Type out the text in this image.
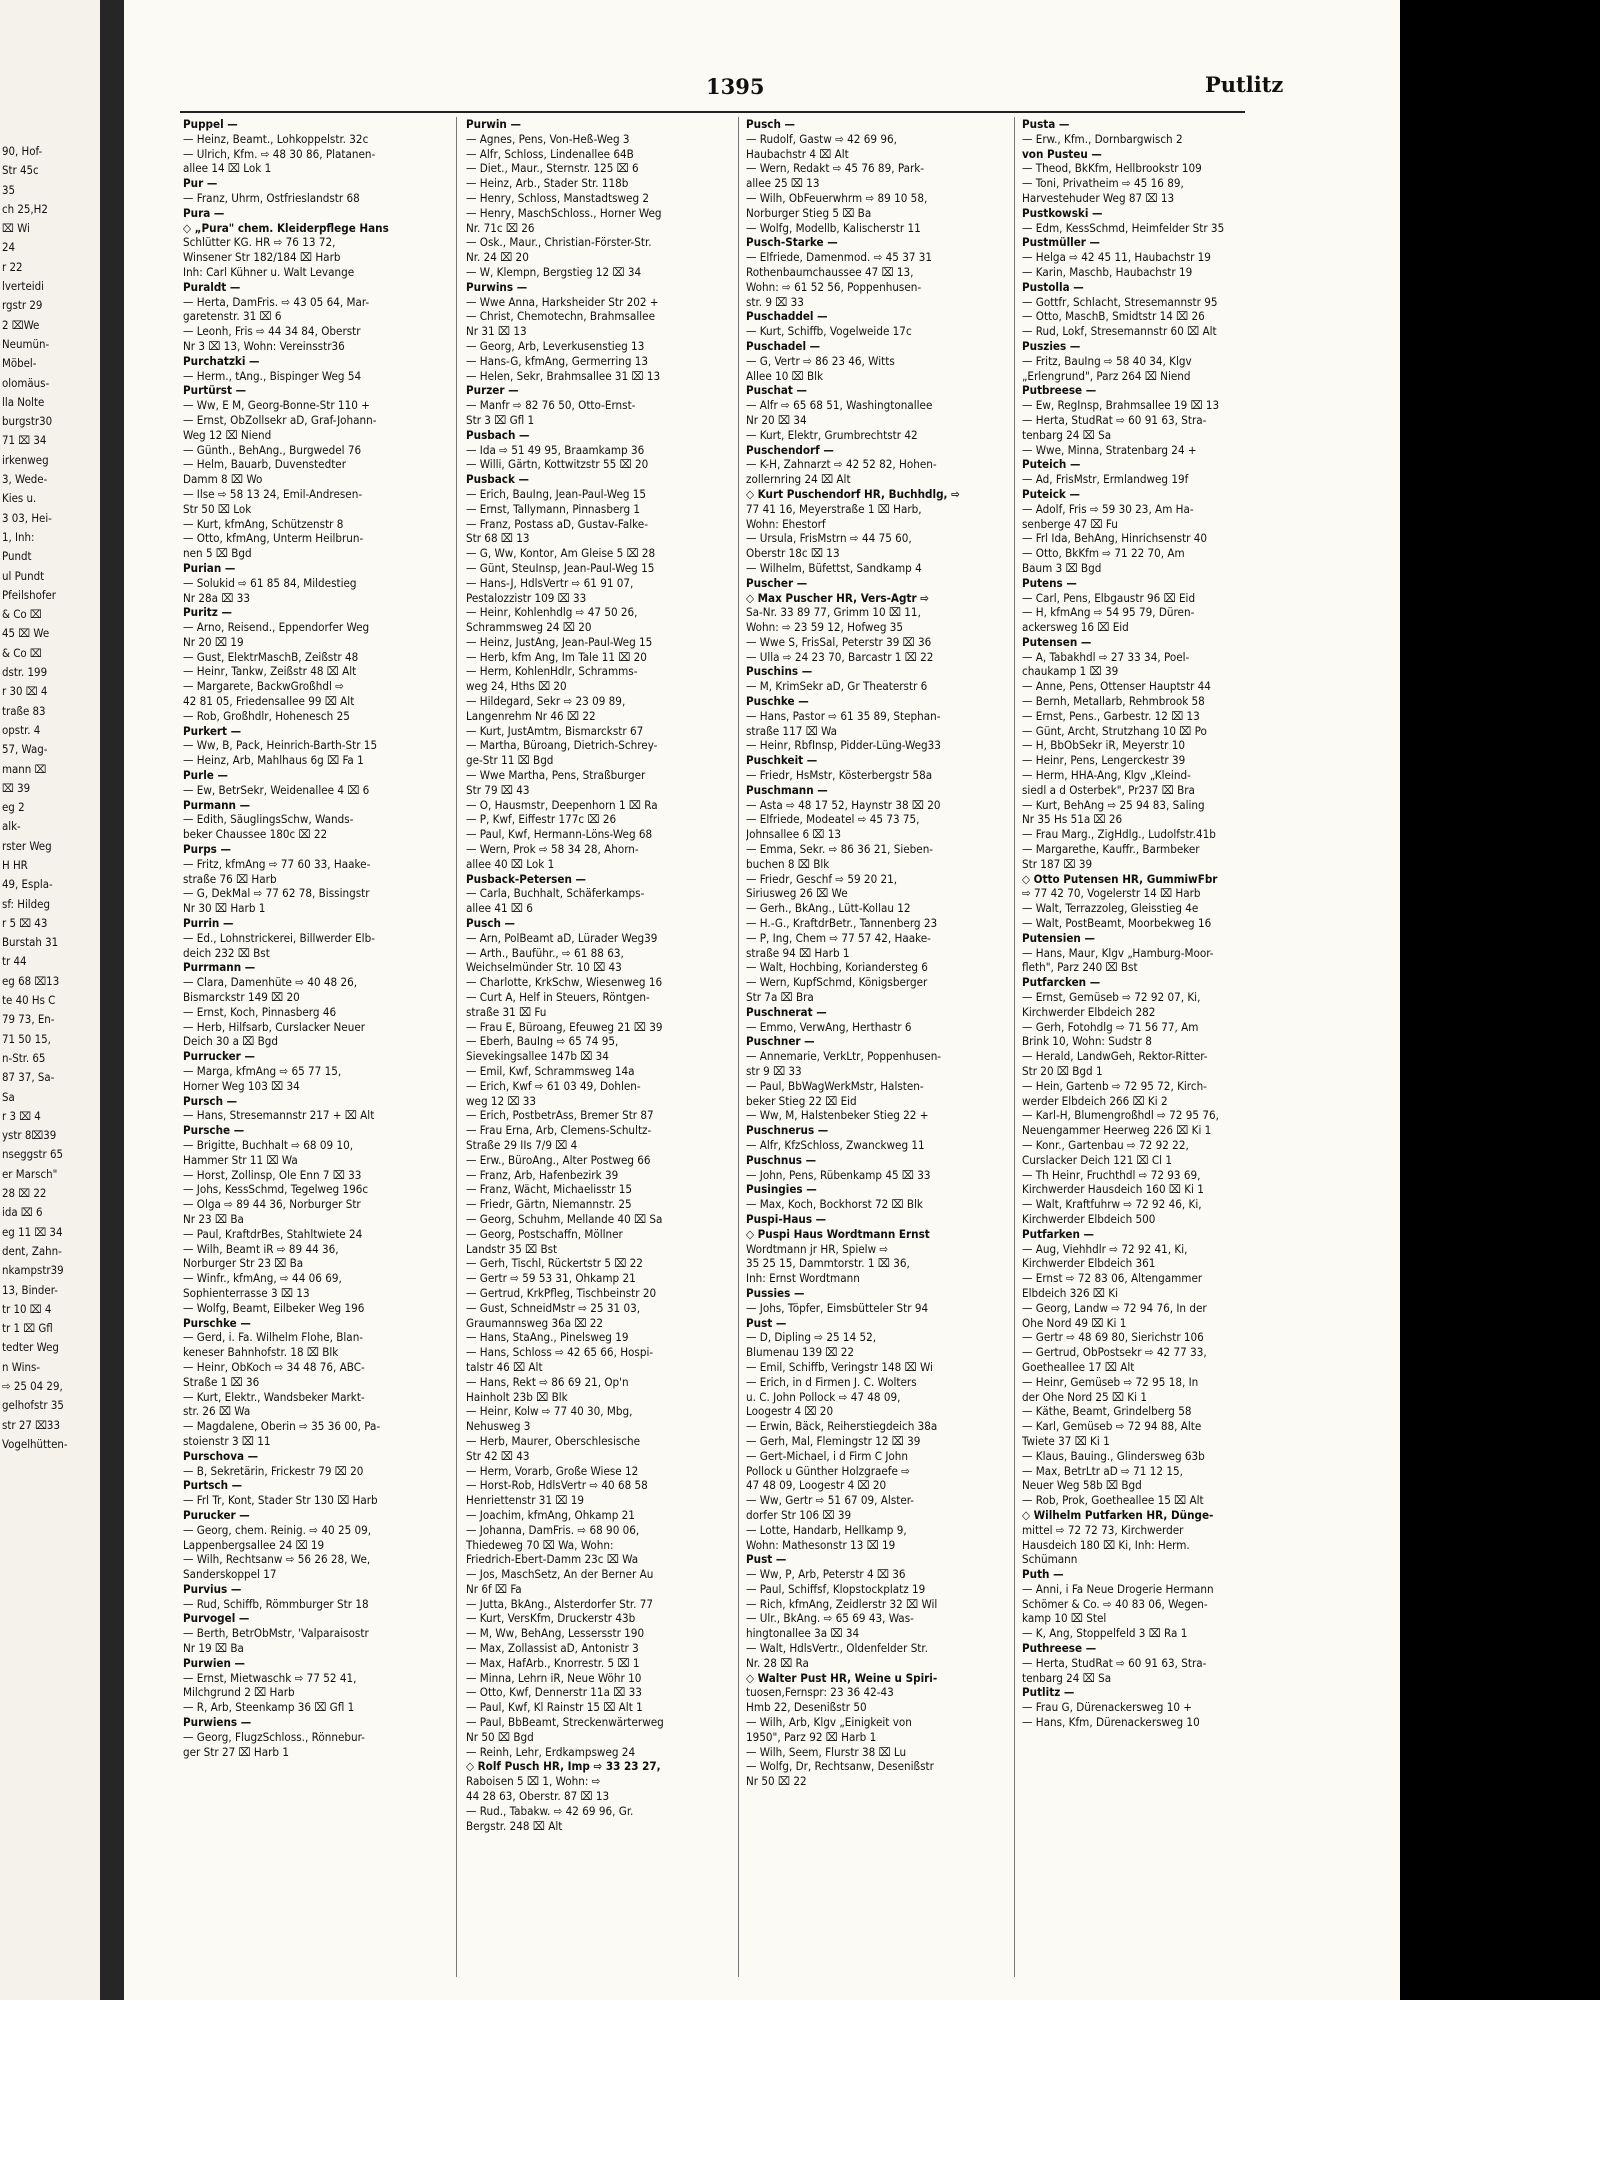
90, Hof-
Str 45c
35
ch 25,H2
⌧ Wi
24
r 22
lverteidi
rgstr 29
2 ⌧We
Neumün-
Möbel-
olomäus-
lla Nolte
burgstr30
71 ⌧ 34
irkenweg
3, Wede-
Kies u.
3 03, Hei-
1, Inh:
Pundt
ul Pundt
Pfeilshofer
& Co ⌧
45 ⌧ We
& Co ⌧
dstr. 199
r 30 ⌧ 4
traße 83
opstr. 4
57, Wag-
mann ⌧
⌧ 39
eg 2
alk-
rster Weg
H HR
49, Espla-
sf: Hildeg
r 5 ⌧ 43
Burstah 31
tr 44
eg 68 ⌧13
te 40 Hs C
79 73, En-
71 50 15,
n-Str. 65
87 37, Sa-
Sa
r 3 ⌧ 4
ystr 8⌧39
nseggstr 65
er Marsch"
28 ⌧ 22
ida ⌧ 6
eg 11 ⌧ 34
dent, Zahn-
nkampstr39
13, Binder-
tr 10 ⌧ 4
tr 1 ⌧ Gfl
tedter Weg
n Wins-
⇨ 25 04 29,
gelhofstr 35
str 27 ⌧33
Vogelhütten-
1395	Putlitz
Puppel —
— Heinz, Beamt., Lohkoppelstr. 32c
— Ulrich, Kfm. ⇨ 48 30 86, Platanen-
allee 14 ⌧ Lok 1
Pur —
— Franz, Uhrm, Ostfrieslandstr 68
Pura —
◇ „Pura" chem. Kleiderpflege Hans
Schlütter KG. HR ⇨ 76 13 72,
Winsener Str 182/184 ⌧ Harb
Inh: Carl Kühner u. Walt Levange
Puraldt —
— Herta, DamFris. ⇨ 43 05 64, Mar-
garetenstr. 31 ⌧ 6
— Leonh, Fris ⇨ 44 34 84, Oberstr
Nr 3 ⌧ 13, Wohn: Vereinsstr36
Purchatzki —
— Herm., tAng., Bispinger Weg 54
Purtürst —
— Ww, E M, Georg-Bonne-Str 110 +
— Ernst, ObZollsekr aD, Graf-Johann-
Weg 12 ⌧ Niend
— Günth., BehAng., Burgwedel 76
— Helm, Bauarb, Duvenstedter
Damm 8 ⌧ Wo
— Ilse ⇨ 58 13 24, Emil-Andresen-
Str 50 ⌧ Lok
— Kurt, kfmAng, Schützenstr 8
— Otto, kfmAng, Unterm Heilbrun-
nen 5 ⌧ Bgd
Purian —
— Solukid ⇨ 61 85 84, Mildestieg
Nr 28a ⌧ 33
Puritz —
— Arno, Reisend., Eppendorfer Weg
Nr 20 ⌧ 19
— Gust, ElektrMaschB, Zeißstr 48
— Heinr, Tankw, Zeißstr 48 ⌧ Alt
— Margarete, BackwGroßhdl ⇨
42 81 05, Friedensallee 99 ⌧ Alt
— Rob, Großhdlr, Hohenesch 25
Purkert —
— Ww, B, Pack, Heinrich-Barth-Str 15
— Heinz, Arb, Mahlhaus 6g ⌧ Fa 1
Purle —
— Ew, BetrSekr, Weidenallee 4 ⌧ 6
Purmann —
— Edith, SäuglingsSchw, Wands-
beker Chaussee 180c ⌧ 22
Purps —
— Fritz, kfmAng ⇨ 77 60 33, Haake-
straße 76 ⌧ Harb
— G, DekMal ⇨ 77 62 78, Bissingstr
Nr 30 ⌧ Harb 1
Purrin —
— Ed., Lohnstrickerei, Billwerder Elb-
deich 232 ⌧ Bst
Purrmann —
— Clara, Damenhüte ⇨ 40 48 26,
Bismarckstr 149 ⌧ 20
— Ernst, Koch, Pinnasberg 46
— Herb, Hilfsarb, Curslacker Neuer
Deich 30 a ⌧ Bgd
Purrucker —
— Marga, kfmAng ⇨ 65 77 15,
Horner Weg 103 ⌧ 34
Pursch —
— Hans, Stresemannstr 217 + ⌧ Alt
Pursche —
— Brigitte, Buchhalt ⇨ 68 09 10,
Hammer Str 11 ⌧ Wa
— Horst, Zollinsp, Ole Enn 7 ⌧ 33
— Johs, KessSchmd, Tegelweg 196c
— Olga ⇨ 89 44 36, Norburger Str
Nr 23 ⌧ Ba
— Paul, KraftdrBes, Stahltwiete 24
— Wilh, Beamt iR ⇨ 89 44 36,
Norburger Str 23 ⌧ Ba
— Winfr., kfmAng, ⇨ 44 06 69,
Sophienterrasse 3 ⌧ 13
— Wolfg, Beamt, Eilbeker Weg 196
Purschke —
— Gerd, i. Fa. Wilhelm Flohe, Blan-
keneser Bahnhofstr. 18 ⌧ Blk
— Heinr, ObKoch ⇨ 34 48 76, ABC-
Straße 1 ⌧ 36
— Kurt, Elektr., Wandsbeker Markt-
str. 26 ⌧ Wa
— Magdalene, Oberin ⇨ 35 36 00, Pa-
stoienstr 3 ⌧ 11
Purschova —
— B, Sekretärin, Frickestr 79 ⌧ 20
Purtsch —
— Frl Tr, Kont, Stader Str 130 ⌧ Harb
Purucker —
— Georg, chem. Reinig. ⇨ 40 25 09,
Lappenbergsallee 24 ⌧ 19
— Wilh, Rechtsanw ⇨ 56 26 28, We,
Sanderskoppel 17
Purvius —
— Rud, Schiffb, Römmburger Str 18
Purvogel —
— Berth, BetrObMstr, 'Valparaisostr
Nr 19 ⌧ Ba
Purwien —
— Ernst, Mietwaschk ⇨ 77 52 41,
Milchgrund 2 ⌧ Harb
— R, Arb, Steenkamp 36 ⌧ Gfl 1
Purwiens —
— Georg, FlugzSchloss., Rönnebur-
ger Str 27 ⌧ Harb 1
Purwin —
— Agnes, Pens, Von-Heß-Weg 3
— Alfr, Schloss, Lindenallee 64B
— Diet., Maur., Sternstr. 125 ⌧ 6
— Heinz, Arb., Stader Str. 118b
— Henry, Schloss, Manstadtsweg 2
— Henry, MaschSchloss., Horner Weg
Nr. 71c ⌧ 26
— Osk., Maur., Christian-Förster-Str.
Nr. 24 ⌧ 20
— W, Klempn, Bergstieg 12 ⌧ 34
Purwins —
— Wwe Anna, Harksheider Str 202 +
— Christ, Chemotechn, Brahmsallee
Nr 31 ⌧ 13
— Georg, Arb, Leverkusenstieg 13
— Hans-G, kfmAng, Germerring 13
— Helen, Sekr, Brahmsallee 31 ⌧ 13
Purzer —
— Manfr ⇨ 82 76 50, Otto-Ernst-
Str 3 ⌧ Gfl 1
Pusbach —
— Ida ⇨ 51 49 95, Braamkamp 36
— Willi, Gärtn, Kottwitzstr 55 ⌧ 20
Pusback —
— Erich, BauIng, Jean-Paul-Weg 15
— Ernst, Tallymann, Pinnasberg 1
— Franz, Postass aD, Gustav-Falke-
Str 68 ⌧ 13
— G, Ww, Kontor, Am Gleise 5 ⌧ 28
— Günt, SteuInsp, Jean-Paul-Weg 15
— Hans-J, HdlsVertr ⇨ 61 91 07,
Pestalozzistr 109 ⌧ 33
— Heinr, Kohlenhdlg ⇨ 47 50 26,
Schrammsweg 24 ⌧ 20
— Heinz, JustAng, Jean-Paul-Weg 15
— Herb, kfm Ang, Im Tale 11 ⌧ 20
— Herm, KohlenHdlr, Schramms-
weg 24, Hths ⌧ 20
— Hildegard, Sekr ⇨ 23 09 89,
Langenrehm Nr 46 ⌧ 22
— Kurt, JustAmtm, Bismarckstr 67
— Martha, Büroang, Dietrich-Schrey-
ge-Str 11 ⌧ Bgd
— Wwe Martha, Pens, Straßburger
Str 79 ⌧ 43
— O, Hausmstr, Deepenhorn 1 ⌧ Ra
— P, Kwf, Eiffestr 177c ⌧ 26
— Paul, Kwf, Hermann-Löns-Weg 68
— Wern, Prok ⇨ 58 34 28, Ahorn-
allee 40 ⌧ Lok 1
Pusback-Petersen —
— Carla, Buchhalt, Schäferkamps-
allee 41 ⌧ 6
Pusch —
— Arn, PolBeamt aD, Lürader Weg39
— Arth., Bauführ., ⇨ 61 88 63,
Weichselmünder Str. 10 ⌧ 43
— Charlotte, KrkSchw, Wiesenweg 16
— Curt A, Helf in Steuers, Röntgen-
straße 31 ⌧ Fu
— Frau E, Büroang, Efeuweg 21 ⌧ 39
— Eberh, BauIng ⇨ 65 74 95,
Sievekingsallee 147b ⌧ 34
— Emil, Kwf, Schrammsweg 14a
— Erich, Kwf ⇨ 61 03 49, Dohlen-
weg 12 ⌧ 33
— Erich, PostbetrAss, Bremer Str 87
— Frau Erna, Arb, Clemens-Schultz-
Straße 29 IIs 7/9 ⌧ 4
— Erw., BüroAng., Alter Postweg 66
— Franz, Arb, Hafenbezirk 39
— Franz, Wächt, Michaelisstr 15
— Friedr, Gärtn, Niemannstr. 25
— Georg, Schuhm, Mellande 40 ⌧ Sa
— Georg, Postschaffn, Möllner
Landstr 35 ⌧ Bst
— Gerh, Tischl, Rückertstr 5 ⌧ 22
— Gertr ⇨ 59 53 31, Ohkamp 21
— Gertrud, KrkPfleg, Tischbeinstr 20
— Gust, SchneidMstr ⇨ 25 31 03,
Graumannsweg 36a ⌧ 22
— Hans, StaAng., Pinelsweg 19
— Hans, Schloss ⇨ 42 65 66, Hospi-
talstr 46 ⌧ Alt
— Hans, Rekt ⇨ 86 69 21, Op'n
Hainholt 23b ⌧ Blk
— Heinr, Kolw ⇨ 77 40 30, Mbg,
Nehusweg 3
— Herb, Maurer, Oberschlesische
Str 42 ⌧ 43
— Herm, Vorarb, Große Wiese 12
— Horst-Rob, HdlsVertr ⇨ 40 68 58
Henriettenstr 31 ⌧ 19
— Joachim, kfmAng, Ohkamp 21
— Johanna, DamFris. ⇨ 68 90 06,
Thiedeweg 70 ⌧ Wa, Wohn:
Friedrich-Ebert-Damm 23c ⌧ Wa
— Jos, MaschSetz, An der Berner Au
Nr 6f ⌧ Fa
— Jutta, BkAng., Alsterdorfer Str. 77
— Kurt, VersKfm, Druckerstr 43b
— M, Ww, BehAng, Lessersstr 190
— Max, Zollassist aD, Antonistr 3
— Max, HafArb., Knorrestr. 5 ⌧ 1
— Minna, Lehrn iR, Neue Wöhr 10
— Otto, Kwf, Dennerstr 11a ⌧ 33
— Paul, Kwf, Kl Rainstr 15 ⌧ Alt 1
— Paul, BbBeamt, Streckenwärterweg
Nr 50 ⌧ Bgd
— Reinh, Lehr, Erdkampsweg 24
◇ Rolf Pusch HR, Imp ⇨ 33 23 27,
Raboisen 5 ⌧ 1, Wohn: ⇨
44 28 63, Oberstr. 87 ⌧ 13
— Rud., Tabakw. ⇨ 42 69 96, Gr.
Bergstr. 248 ⌧ Alt
Pusch —
— Rudolf, Gastw ⇨ 42 69 96,
Haubachstr 4 ⌧ Alt
— Wern, Redakt ⇨ 45 76 89, Park-
allee 25 ⌧ 13
— Wilh, ObFeuerwhrm ⇨ 89 10 58,
Norburger Stieg 5 ⌧ Ba
— Wolfg, Modellb, Kalischerstr 11
Pusch-Starke —
— Elfriede, Damenmod. ⇨ 45 37 31
Rothenbaumchaussee 47 ⌧ 13,
Wohn: ⇨ 61 52 56, Poppenhusen-
str. 9 ⌧ 33
Puschaddel —
— Kurt, Schiffb, Vogelweide 17c
Puschadel —
— G, Vertr ⇨ 86 23 46, Witts
Allee 10 ⌧ Blk
Puschat —
— Alfr ⇨ 65 68 51, Washingtonallee
Nr 20 ⌧ 34
— Kurt, Elektr, Grumbrechtstr 42
Puschendorf —
— K-H, Zahnarzt ⇨ 42 52 82, Hohen-
zollernring 24 ⌧ Alt
◇ Kurt Puschendorf HR, Buchhdlg, ⇨
77 41 16, Meyerstraße 1 ⌧ Harb,
Wohn: Ehestorf
— Ursula, FrisMstrn ⇨ 44 75 60,
Oberstr 18c ⌧ 13
— Wilhelm, Büfettst, Sandkamp 4
Puscher —
◇ Max Puscher HR, Vers-Agtr ⇨
Sa-Nr. 33 89 77, Grimm 10 ⌧ 11,
Wohn: ⇨ 23 59 12, Hofweg 35
— Wwe S, FrisSal, Peterstr 39 ⌧ 36
— Ulla ⇨ 24 23 70, Barcastr 1 ⌧ 22
Puschins —
— M, KrimSekr aD, Gr Theaterstr 6
Puschke —
— Hans, Pastor ⇨ 61 35 89, Stephan-
straße 117 ⌧ Wa
— Heinr, RbfInsp, Pidder-Lüng-Weg33
Puschkeit —
— Friedr, HsMstr, Kösterbergstr 58a
Puschmann —
— Asta ⇨ 48 17 52, Haynstr 38 ⌧ 20
— Elfriede, Modeatel ⇨ 45 73 75,
Johnsallee 6 ⌧ 13
— Emma, Sekr. ⇨ 86 36 21, Sieben-
buchen 8 ⌧ Blk
— Friedr, Geschf ⇨ 59 20 21,
Siriusweg 26 ⌧ We
— Gerh., BkAng., Lütt-Kollau 12
— H.-G., KraftdrBetr., Tannenberg 23
— P, Ing, Chem ⇨ 77 57 42, Haake-
straße 94 ⌧ Harb 1
— Walt, Hochbing, Koriandersteg 6
— Wern, KupfSchmd, Königsberger
Str 7a ⌧ Bra
Puschnerat —
— Emmo, VerwAng, Herthastr 6
Puschner —
— Annemarie, VerkLtr, Poppenhusen-
str 9 ⌧ 33
— Paul, BbWagWerkMstr, Halsten-
beker Stieg 22 ⌧ Eid
— Ww, M, Halstenbeker Stieg 22 +
Puschnerus —
— Alfr, KfzSchloss, Zwanckweg 11
Puschnus —
— John, Pens, Rübenkamp 45 ⌧ 33
Pusingies —
— Max, Koch, Bockhorst 72 ⌧ Blk
Puspi-Haus —
◇ Puspi Haus Wordtmann Ernst
Wordtmann jr HR, Spielw ⇨
35 25 15, Dammtorstr. 1 ⌧ 36,
Inh: Ernst Wordtmann
Pussies —
— Johs, Töpfer, Eimsbütteler Str 94
Pust —
— D, Dipling ⇨ 25 14 52,
Blumenau 139 ⌧ 22
— Emil, Schiffb, Veringstr 148 ⌧ Wi
— Erich, in d Firmen J. C. Wolters
u. C. John Pollock ⇨ 47 48 09,
Loogestr 4 ⌧ 20
— Erwin, Bäck, Reiherstiegdeich 38a
— Gerh, Mal, Flemingstr 12 ⌧ 39
— Gert-Michael, i d Firm C John
Pollock u Günther Holzgraefe ⇨
47 48 09, Loogestr 4 ⌧ 20
— Ww, Gertr ⇨ 51 67 09, Alster-
dorfer Str 106 ⌧ 39
— Lotte, Handarb, Hellkamp 9,
Wohn: Mathesonstr 13 ⌧ 19
Pust —
— Ww, P, Arb, Peterstr 4 ⌧ 36
— Paul, Schiffsf, Klopstockplatz 19
— Rich, kfmAng, Zeidlerstr 32 ⌧ Wil
— Ulr., BkAng. ⇨ 65 69 43, Was-
hingtonallee 3a ⌧ 34
— Walt, HdlsVertr., Oldenfelder Str.
Nr. 28 ⌧ Ra
◇ Walter Pust HR, Weine u Spiri-
tuosen,Fernspr: 23 36 42-43
Hmb 22, Desenißstr 50
— Wilh, Arb, Klgv „Einigkeit von
1950", Parz 92 ⌧ Harb 1
— Wilh, Seem, Flurstr 38 ⌧ Lu
— Wolfg, Dr, Rechtsanw, Desenißstr
Nr 50 ⌧ 22
Pusta —
— Erw., Kfm., Dornbargwisch 2
von Pusteu —
— Theod, BkKfm, Hellbrookstr 109
— Toni, Privatheim ⇨ 45 16 89,
Harvestehuder Weg 87 ⌧ 13
Pustkowski —
— Edm, KessSchmd, Heimfelder Str 35
Pustmüller —
— Helga ⇨ 42 45 11, Haubachstr 19
— Karin, Maschb, Haubachstr 19
Pustolla —
— Gottfr, Schlacht, Stresemannstr 95
— Otto, MaschB, Smidtstr 14 ⌧ 26
— Rud, Lokf, Stresemannstr 60 ⌧ Alt
Puszies —
— Fritz, BauIng ⇨ 58 40 34, Klgv
„Erlengrund", Parz 264 ⌧ Niend
Putbreese —
— Ew, RegInsp, Brahmsallee 19 ⌧ 13
— Herta, StudRat ⇨ 60 91 63, Stra-
tenbarg 24 ⌧ Sa
— Wwe, Minna, Stratenbarg 24 +
Puteich —
— Ad, FrisMstr, Ermlandweg 19f
Puteick —
— Adolf, Fris ⇨ 59 30 23, Am Ha-
senberge 47 ⌧ Fu
— Frl Ida, BehAng, Hinrichsenstr 40
— Otto, BkKfm ⇨ 71 22 70, Am
Baum 3 ⌧ Bgd
Putens —
— Carl, Pens, Elbgaustr 96 ⌧ Eid
— H, kfmAng ⇨ 54 95 79, Düren-
ackersweg 16 ⌧ Eid
Putensen —
— A, Tabakhdl ⇨ 27 33 34, Poel-
chaukamp 1 ⌧ 39
— Anne, Pens, Ottenser Hauptstr 44
— Bernh, Metallarb, Rehmbrook 58
— Ernst, Pens., Garbestr. 12 ⌧ 13
— Günt, Archt, Strutzhang 10 ⌧ Po
— H, BbObSekr iR, Meyerstr 10
— Heinr, Pens, Lengerckestr 39
— Herm, HHA-Ang, Klgv „Kleind-
siedl a d Osterbek", Pr237 ⌧ Bra
— Kurt, BehAng ⇨ 25 94 83, Saling
Nr 35 Hs 51a ⌧ 26
— Frau Marg., ZigHdlg., Ludolfstr.41b
— Margarethe, Kauffr., Barmbeker
Str 187 ⌧ 39
◇ Otto Putensen HR, GummiwFbr
⇨ 77 42 70, Vogelerstr 14 ⌧ Harb
— Walt, Terrazzoleg, Gleisstieg 4e
— Walt, PostBeamt, Moorbekweg 16
Putensien —
— Hans, Maur, Klgv „Hamburg-Moor-
fleth", Parz 240 ⌧ Bst
Putfarcken —
— Ernst, Gemüseb ⇨ 72 92 07, Ki,
Kirchwerder Elbdeich 282
— Gerh, Fotohdlg ⇨ 71 56 77, Am
Brink 10, Wohn: Sudstr 8
— Herald, LandwGeh, Rektor-Ritter-
Str 20 ⌧ Bgd 1
— Hein, Gartenb ⇨ 72 95 72, Kirch-
werder Elbdeich 266 ⌧ Ki 2
— Karl-H, Blumengroßhdl ⇨ 72 95 76,
Neuengammer Heerweg 226 ⌧ Ki 1
— Konr., Gartenbau ⇨ 72 92 22,
Curslacker Deich 121 ⌧ Cl 1
— Th Heinr, Fruchthdl ⇨ 72 93 69,
Kirchwerder Hausdeich 160 ⌧ Ki 1
— Walt, Kraftfuhrw ⇨ 72 92 46, Ki,
Kirchwerder Elbdeich 500
Putfarken —
— Aug, Viehhdlr ⇨ 72 92 41, Ki,
Kirchwerder Elbdeich 361
— Ernst ⇨ 72 83 06, Altengammer
Elbdeich 326 ⌧ Ki
— Georg, Landw ⇨ 72 94 76, In der
Ohe Nord 49 ⌧ Ki 1
— Gertr ⇨ 48 69 80, Sierichstr 106
— Gertrud, ObPostsekr ⇨ 42 77 33,
Goetheallee 17 ⌧ Alt
— Heinr, Gemüseb ⇨ 72 95 18, In
der Ohe Nord 25 ⌧ Ki 1
— Käthe, Beamt, Grindelberg 58
— Karl, Gemüseb ⇨ 72 94 88, Alte
Twiete 37 ⌧ Ki 1
— Klaus, Bauing., Glindersweg 63b
— Max, BetrLtr aD ⇨ 71 12 15,
Neuer Weg 58b ⌧ Bgd
— Rob, Prok, Goetheallee 15 ⌧ Alt
◇ Wilhelm Putfarken HR, Dünge-
mittel ⇨ 72 72 73, Kirchwerder
Hausdeich 180 ⌧ Ki, Inh: Herm.
Schümann
Puth —
— Anni, i Fa Neue Drogerie Hermann
Schömer & Co. ⇨ 40 83 06, Wegen-
kamp 10 ⌧ Stel
— K, Ang, Stoppelfeld 3 ⌧ Ra 1
Puthreese —
— Herta, StudRat ⇨ 60 91 63, Stra-
tenbarg 24 ⌧ Sa
Putlitz —
— Frau G, Dürenackersweg 10 +
— Hans, Kfm, Dürenackersweg 10
